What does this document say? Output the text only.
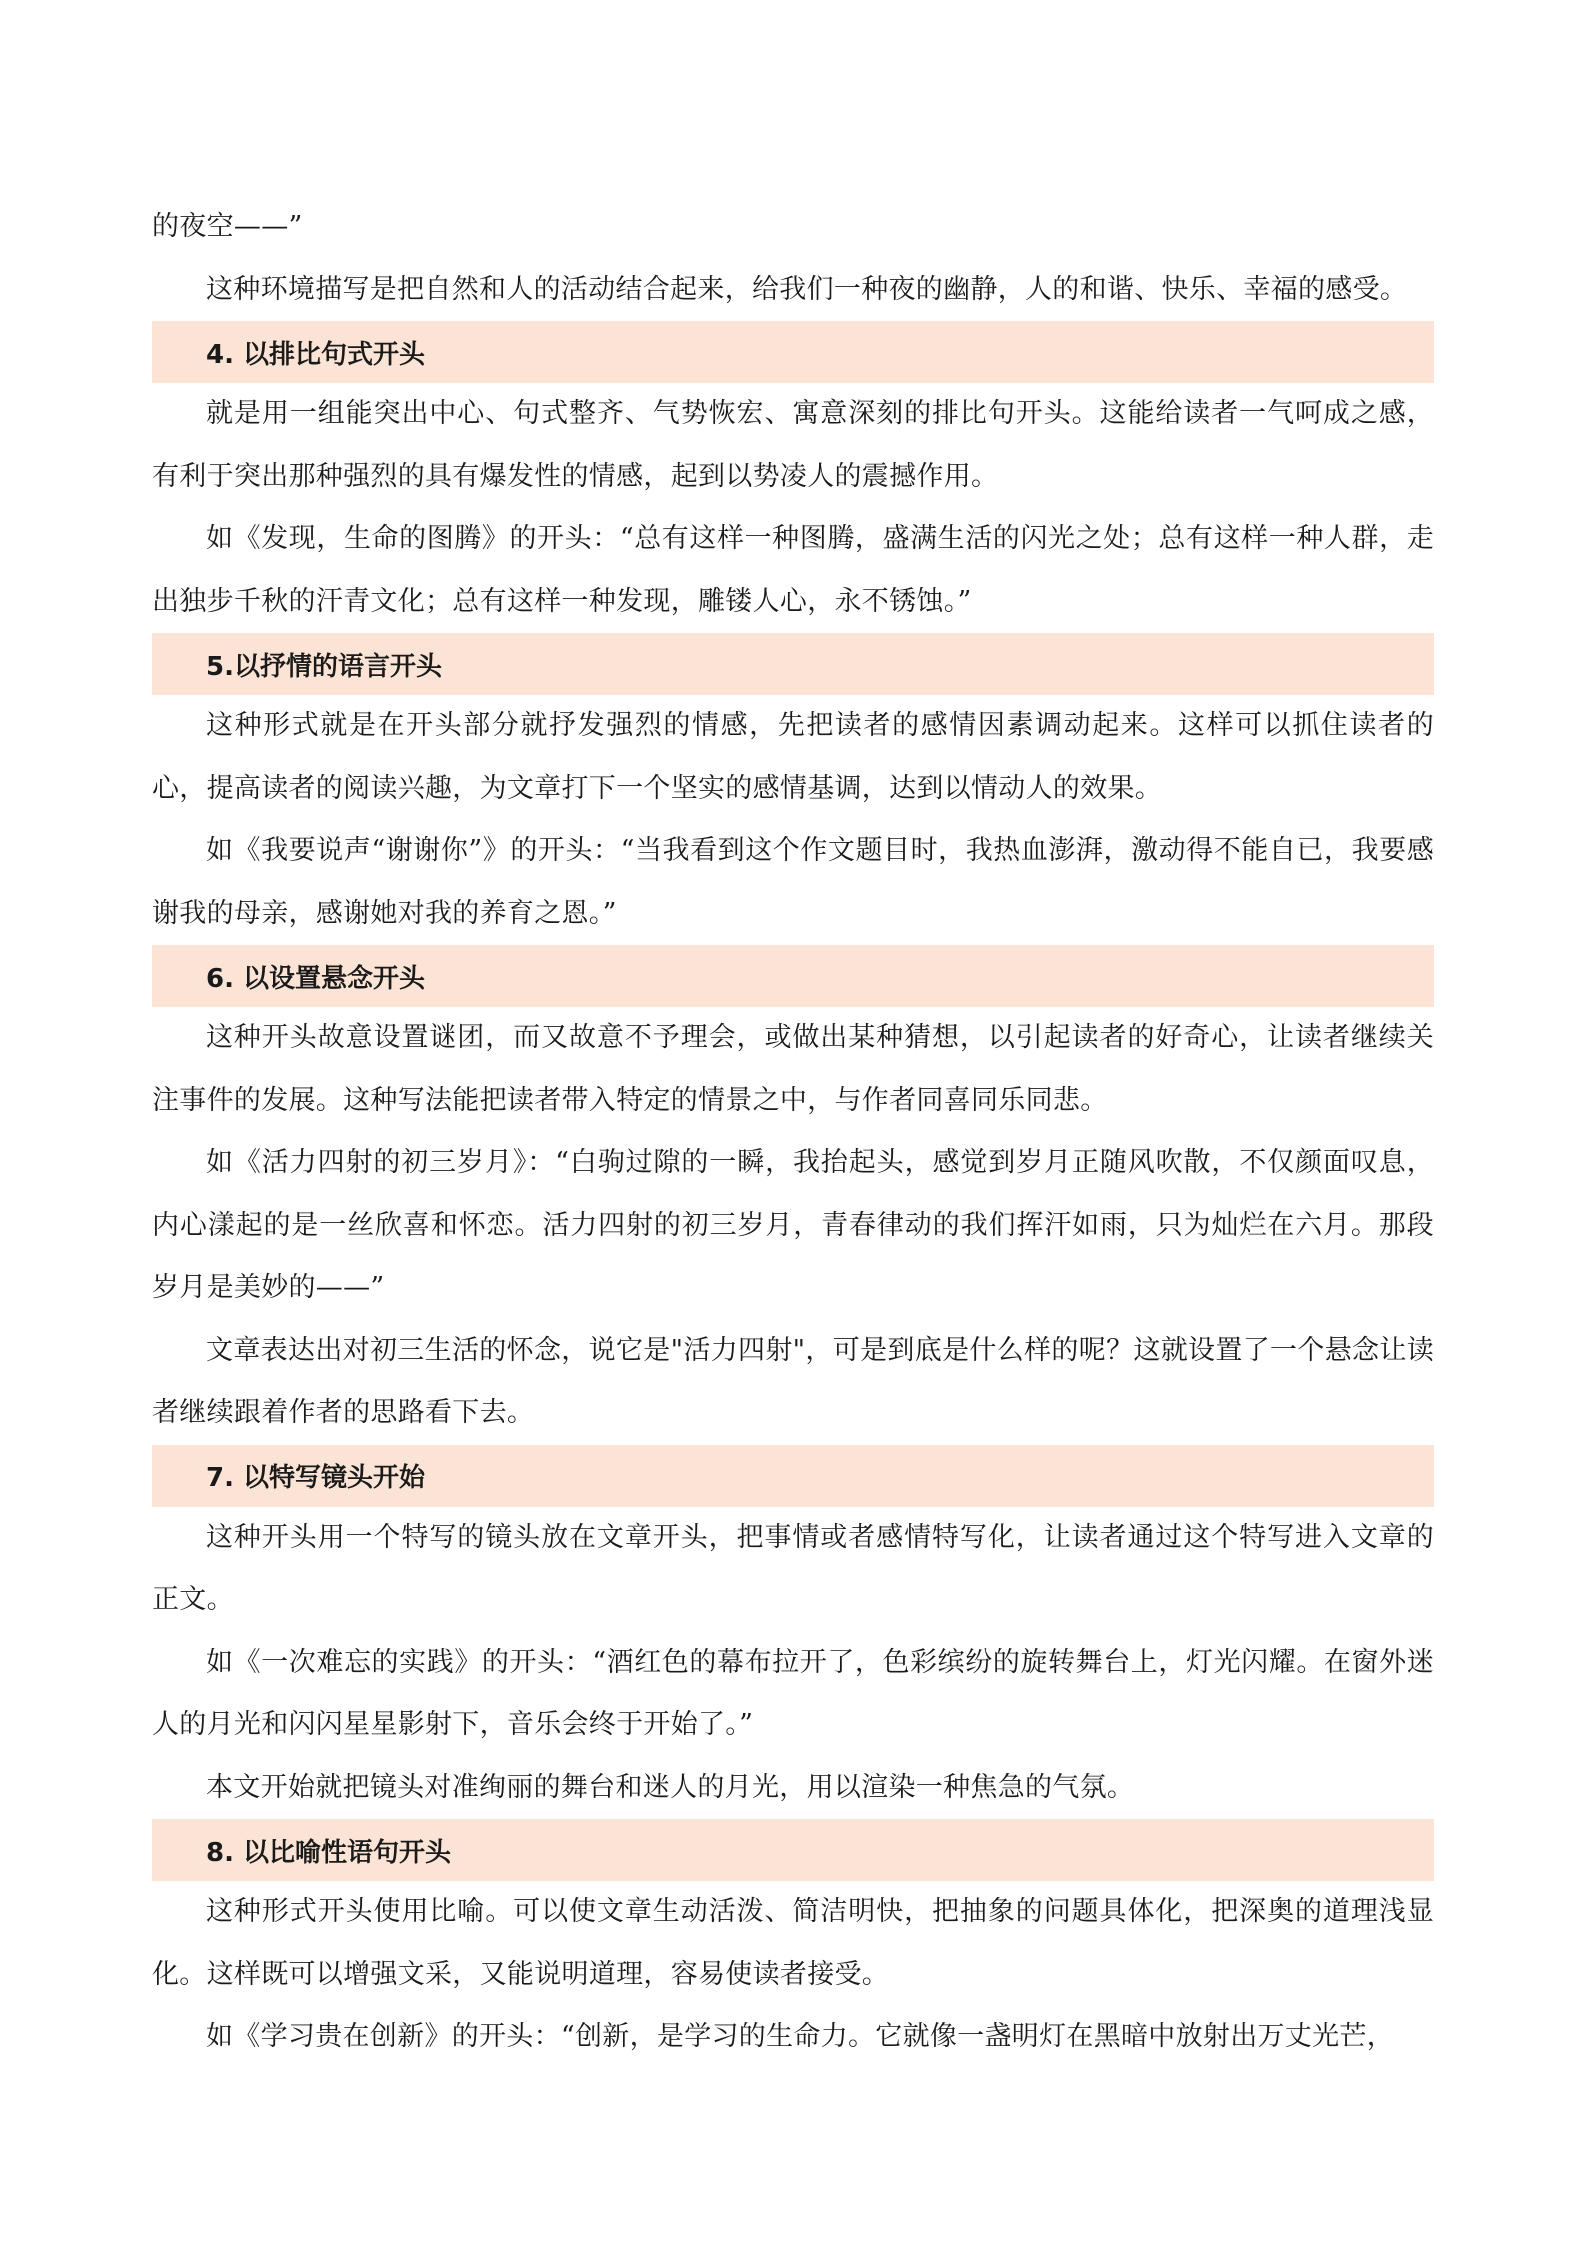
的夜空——”

这种环境描写是把自然和人的活动结合起来，给我们一种夜的幽静，人的和谐、快乐、幸福的感受。

4. 以排比句式开头

就是用一组能突出中心、句式整齐、气势恢宏、寓意深刻的排比句开头。这能给读者一气呵成之感，有利于突出那种强烈的具有爆发性的情感，起到以势凌人的震撼作用。

如《发现，生命的图腾》的开头：“总有这样一种图腾，盛满生活的闪光之处；总有这样一种人群，走出独步千秋的汗青文化；总有这样一种发现，雕镂人心，永不锈蚀。”

5.以抒情的语言开头

这种形式就是在开头部分就抒发强烈的情感，先把读者的感情因素调动起来。这样可以抓住读者的心，提高读者的阅读兴趣，为文章打下一个坚实的感情基调，达到以情动人的效果。

如《我要说声“谢谢你”》的开头：“当我看到这个作文题目时，我热血澎湃，激动得不能自已，我要感谢我的母亲，感谢她对我的养育之恩。”

6. 以设置悬念开头

这种开头故意设置谜团，而又故意不予理会，或做出某种猜想，以引起读者的好奇心，让读者继续关注事件的发展。这种写法能把读者带入特定的情景之中，与作者同喜同乐同悲。

如《活力四射的初三岁月》：“白驹过隙的一瞬，我抬起头，感觉到岁月正随风吹散，不仅颜面叹息，内心漾起的是一丝欣喜和怀恋。活力四射的初三岁月，青春律动的我们挥汗如雨，只为灿烂在六月。那段岁月是美妙的——”

文章表达出对初三生活的怀念，说它是"活力四射"，可是到底是什么样的呢？这就设置了一个悬念让读者继续跟着作者的思路看下去。

7. 以特写镜头开始

这种开头用一个特写的镜头放在文章开头，把事情或者感情特写化，让读者通过这个特写进入文章的正文。

如《一次难忘的实践》的开头：“酒红色的幕布拉开了，色彩缤纷的旋转舞台上，灯光闪耀。在窗外迷人的月光和闪闪星星影射下，音乐会终于开始了。”

本文开始就把镜头对准绚丽的舞台和迷人的月光，用以渲染一种焦急的气氛。

8. 以比喻性语句开头

这种形式开头使用比喻。可以使文章生动活泼、简洁明快，把抽象的问题具体化，把深奥的道理浅显化。这样既可以增强文采，又能说明道理，容易使读者接受。

如《学习贵在创新》的开头：“创新，是学习的生命力。它就像一盏明灯在黑暗中放射出万丈光芒，
